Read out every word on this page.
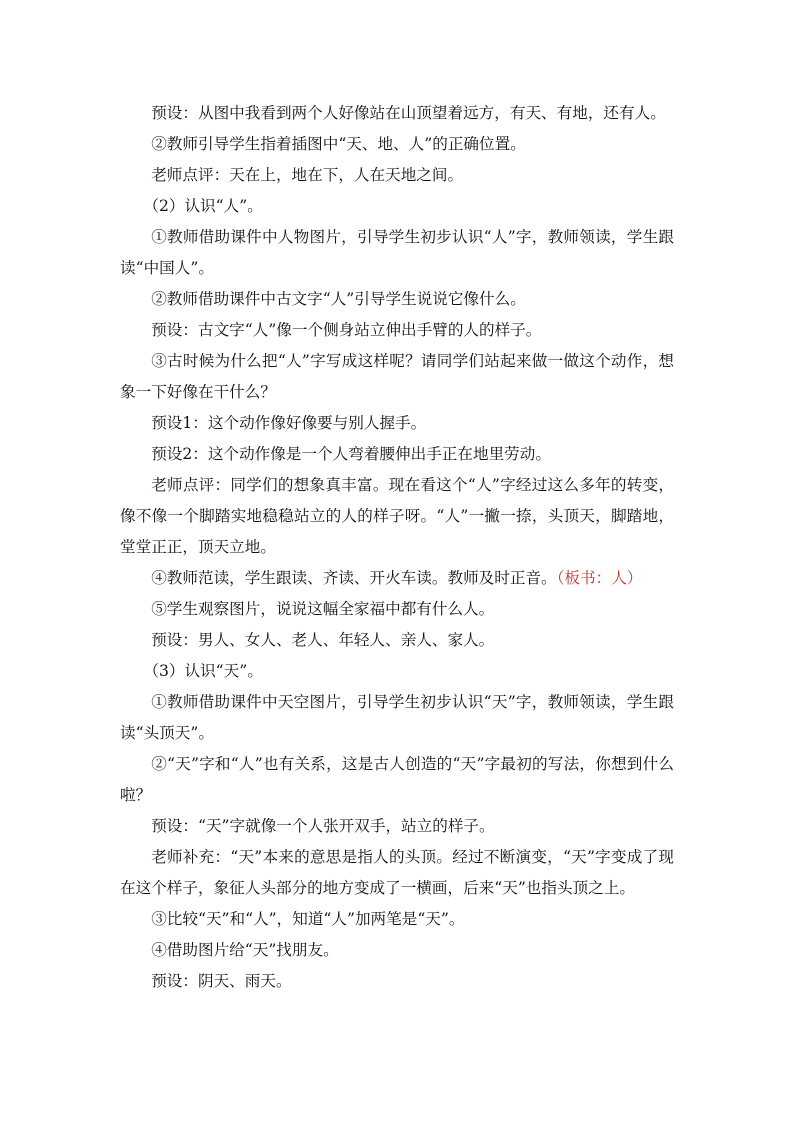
预设：从图中我看到两个人好像站在山顶望着远方，有天、有地，还有人。

②教师引导学生指着插图中“天、地、人”的正确位置。

老师点评：天在上，地在下，人在天地之间。

（2）认识“人”。

①教师借助课件中人物图片，引导学生初步认识“人”字，教师领读，学生跟读“中国人”。

②教师借助课件中古文字“人”引导学生说说它像什么。

预设：古文字“人”像一个侧身站立伸出手臂的人的样子。

③古时候为什么把“人”字写成这样呢？请同学们站起来做一做这个动作，想象一下好像在干什么？

预设1：这个动作像好像要与别人握手。

预设2：这个动作像是一个人弯着腰伸出手正在地里劳动。

老师点评：同学们的想象真丰富。现在看这个“人”字经过这么多年的转变，像不像一个脚踏实地稳稳站立的人的样子呀。“人”一撇一捺，头顶天，脚踏地，堂堂正正，顶天立地。

④教师范读，学生跟读、齐读、开火车读。教师及时正音。（板书：人）

⑤学生观察图片，说说这幅全家福中都有什么人。

预设：男人、女人、老人、年轻人、亲人、家人。

（3）认识“天”。

①教师借助课件中天空图片，引导学生初步认识“天”字，教师领读，学生跟读“头顶天”。

②“天”字和“人”也有关系，这是古人创造的“天”字最初的写法，你想到什么啦？

预设：“天”字就像一个人张开双手，站立的样子。

老师补充：“天”本来的意思是指人的头顶。经过不断演变，“天”字变成了现在这个样子，象征人头部分的地方变成了一横画，后来“天”也指头顶之上。

③比较“天”和“人”，知道“人”加两笔是“天”。

④借助图片给“天”找朋友。

预设：阴天、雨天。
